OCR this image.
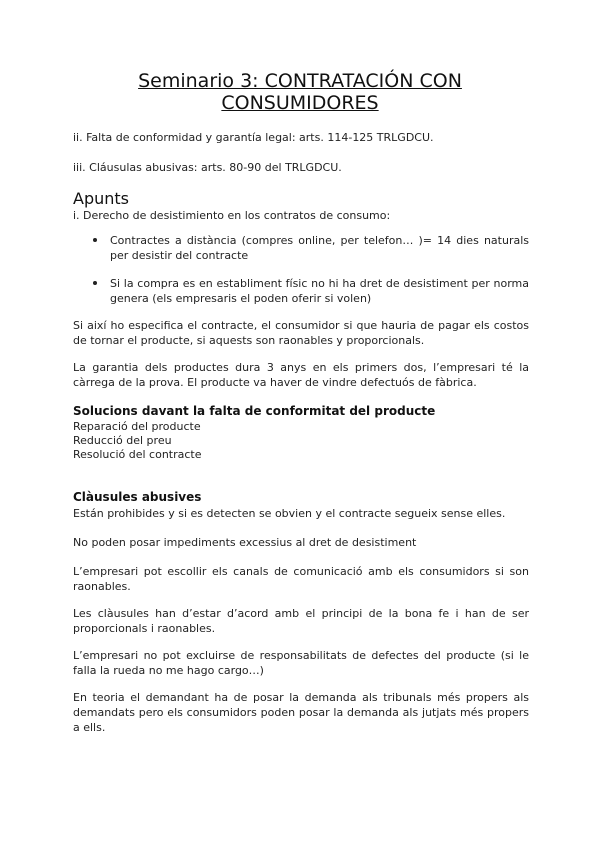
Seminario 3: CONTRATACIÓN CON
CONSUMIDORES

ii. Falta de conformidad y garantía legal: arts. 114-125 TRLGDCU.

iii. Cláusulas abusivas: arts. 80-90 del TRLGDCU.

Apunts

i. Derecho de desistimiento en los contratos de consumo:

Contractes a distància (compres online, per telefon… )= 14 dies naturals per desistir del contracte

Si la compra es en establiment físic no hi ha dret de desistiment per norma genera (els empresaris el poden oferir si volen)

Si així ho especifica el contracte, el consumidor si que hauria de pagar els costos de tornar el producte, si aquests son raonables y proporcionals.

La garantia dels productes dura 3 anys en els primers dos, l’empresari té la càrrega de la prova. El producte va haver de vindre defectuós de fàbrica.

Solucions davant la falta de conformitat del producte

Reparació del producte

Reducció del preu

Resolució del contracte

Clàusules abusives

Están prohibides y si es detecten se obvien y el contracte segueix sense elles.

No poden posar impediments excessius al dret de desistiment

L’empresari pot escollir els canals de comunicació amb els consumidors si son raonables.

Les clàusules han d’estar d’acord amb el principi de la bona fe i han de ser proporcionals i raonables.

L’empresari no pot excluirse de responsabilitats de defectes del producte (si le falla la rueda no me hago cargo…)

En teoria el demandant ha de posar la demanda als tribunals més propers als demandats pero els consumidors poden posar la demanda als jutjats més propers a ells.
